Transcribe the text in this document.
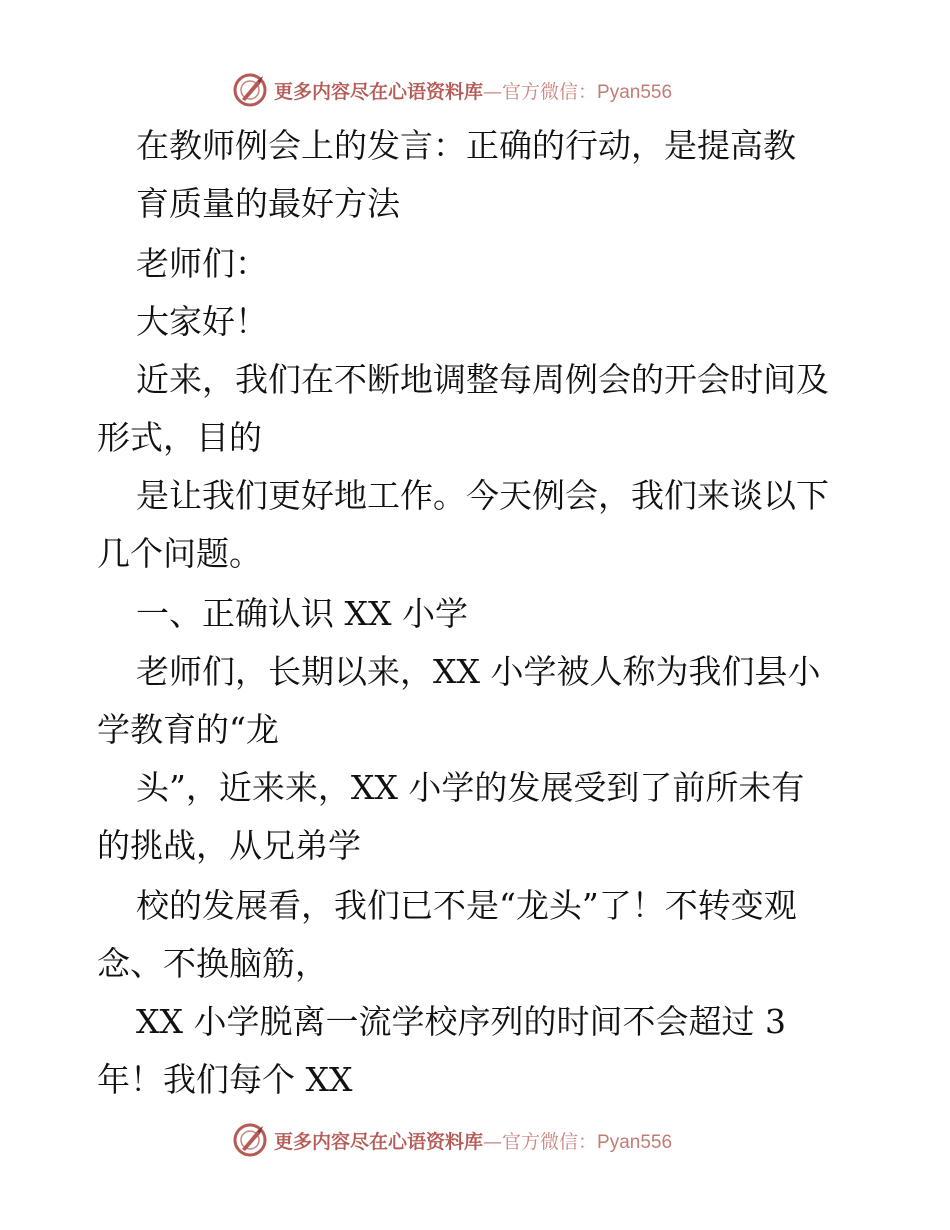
更多内容尽在心语资料库—官方微信：Pyan556
在教师例会上的发言：正确的行动，是提高教
育质量的最好方法
老师们：
大家好！
近来，我们在不断地调整每周例会的开会时间及
形式，目的
是让我们更好地工作。今天例会，我们来谈以下
几个问题。
一、正确认识 XX 小学
老师们，长期以来，XX 小学被人称为我们县小
学教育的“龙
头”，近来来，XX 小学的发展受到了前所未有
的挑战，从兄弟学
校的发展看，我们已不是“龙头”了！不转变观
念、不换脑筋，
XX 小学脱离一流学校序列的时间不会超过 3
年！我们每个 XX
更多内容尽在心语资料库—官方微信：Pyan556
